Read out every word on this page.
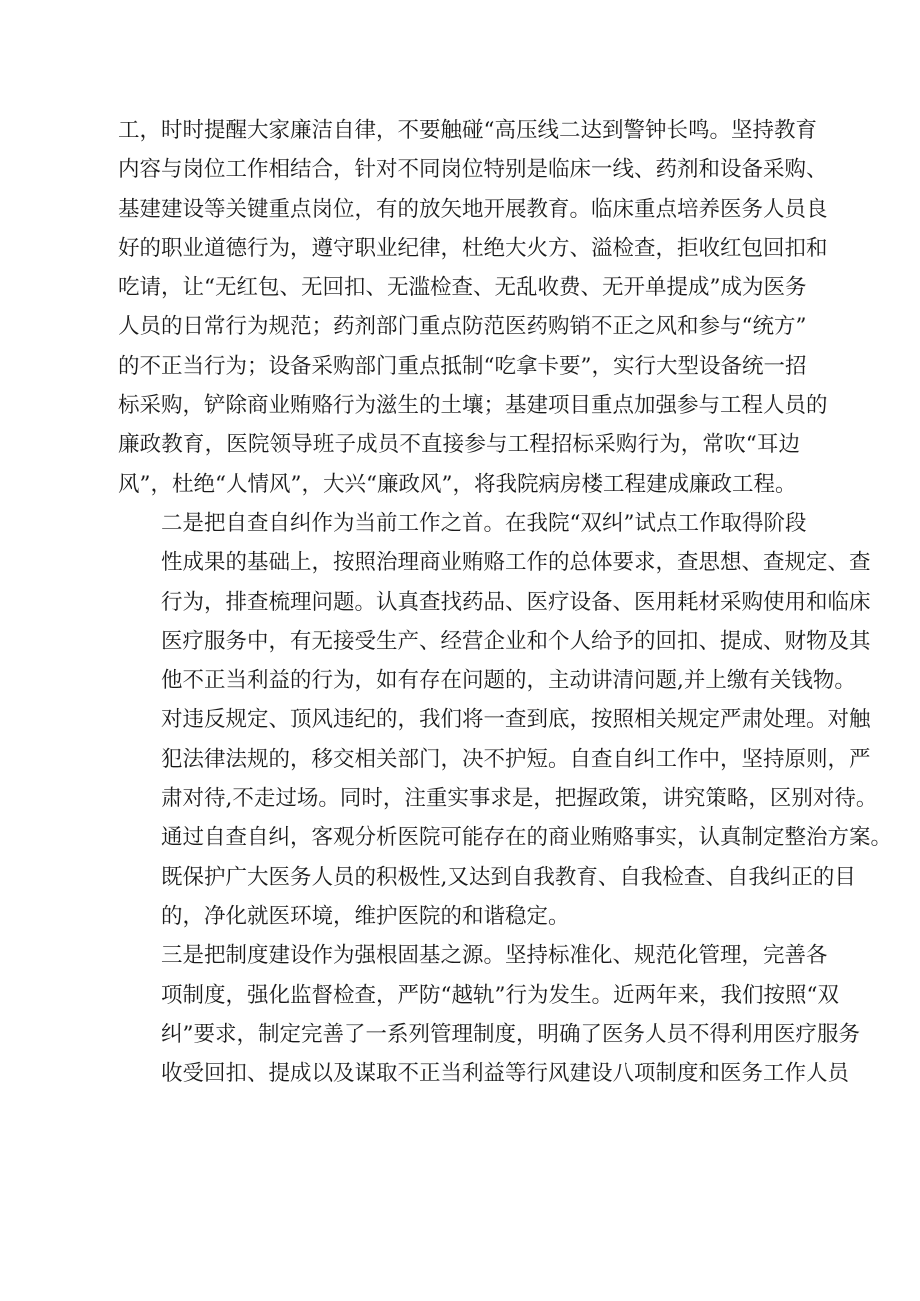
工，时时提醒大家廉洁自律，不要触碰“高压线二达到警钟长鸣。坚持教育
内容与岗位工作相结合，针对不同岗位特别是临床一线、药剂和设备采购、
基建建设等关键重点岗位，有的放矢地开展教育。临床重点培养医务人员良
好的职业道德行为，遵守职业纪律，杜绝大火方、溢检查，拒收红包回扣和
吃请，让“无红包、无回扣、无滥检查、无乱收费、无开单提成”成为医务
人员的日常行为规范；药剂部门重点防范医药购销不正之风和参与“统方”
的不正当行为；设备采购部门重点抵制“吃拿卡要”，实行大型设备统一招
标采购，铲除商业贿赂行为滋生的土壤；基建项目重点加强参与工程人员的
廉政教育，医院领导班子成员不直接参与工程招标采购行为，常吹“耳边
风”，杜绝“人情风”，大兴“廉政风”，将我院病房楼工程建成廉政工程。
二是把自查自纠作为当前工作之首。在我院“双纠”试点工作取得阶段
性成果的基础上，按照治理商业贿赂工作的总体要求，查思想、查规定、查
行为，排查梳理问题。认真查找药品、医疗设备、医用耗材采购使用和临床
医疗服务中，有无接受生产、经营企业和个人给予的回扣、提成、财物及其
他不正当利益的行为，如有存在问题的，主动讲清问题,并上缴有关钱物。
对违反规定、顶风违纪的，我们将一查到底，按照相关规定严肃处理。对触
犯法律法规的，移交相关部门，决不护短。自查自纠工作中，坚持原则，严
肃对待,不走过场。同时，注重实事求是，把握政策，讲究策略，区别对待。
通过自查自纠，客观分析医院可能存在的商业贿赂事实，认真制定整治方案。
既保护广大医务人员的积极性,又达到自我教育、自我检查、自我纠正的目
的，净化就医环境，维护医院的和谐稳定。
三是把制度建设作为强根固基之源。坚持标准化、规范化管理，完善各
项制度，强化监督检查，严防“越轨”行为发生。近两年来，我们按照“双
纠”要求，制定完善了一系列管理制度，明确了医务人员不得利用医疗服务
收受回扣、提成以及谋取不正当利益等行风建设八项制度和医务工作人员
